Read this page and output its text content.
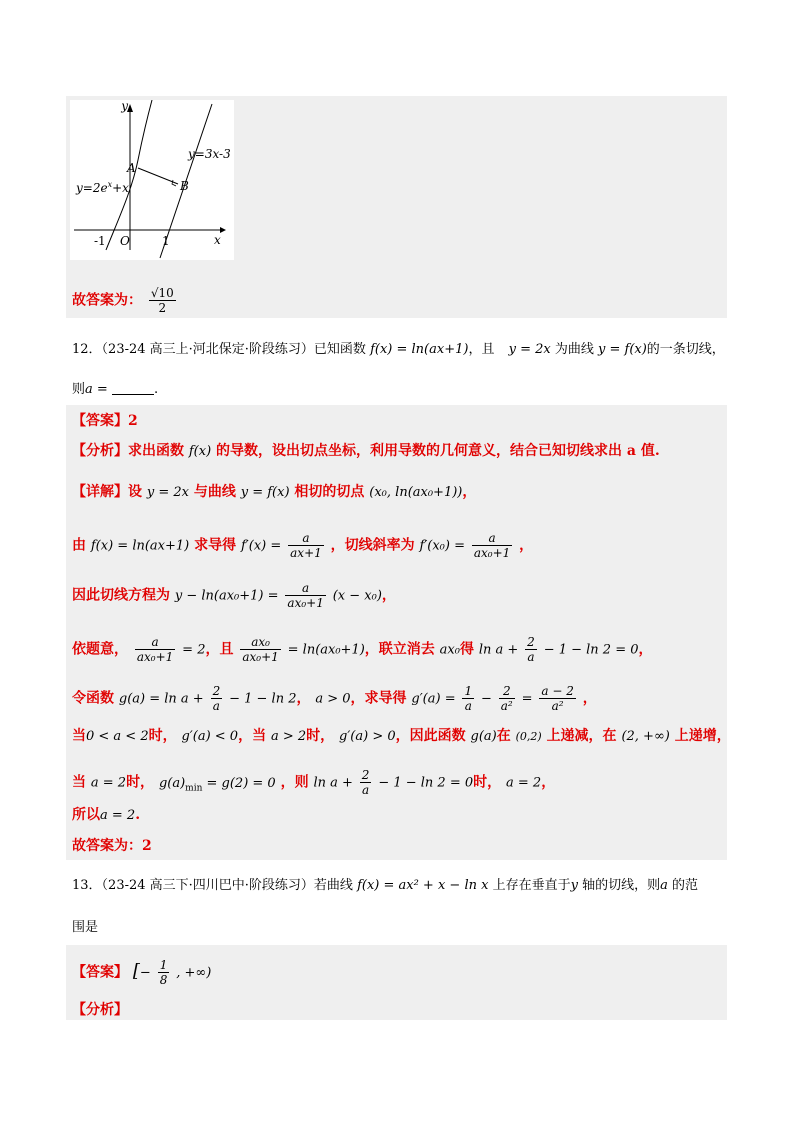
y
x
A
B
O
-1	1
$y=2e^x+x$
y=3x-3
故答案为： $\frac{√10}{2}$
12．（23-24 高三上·河北保定·阶段练习）已知函数 f(x) = ln(ax+1)，且 y = 2x 为曲线 y = f(x)的一条切线，
则a =	.
【答案】2
【分析】求出函数 f(x) 的导数，设出切点坐标，利用导数的几何意义，结合已知切线求出 a 值.
【详解】设 y = 2x 与曲线 y = f(x) 相切的切点 (x₀, ln(ax₀+1))，
由 f(x) = ln(ax+1) 求导得 $f'(x) = \frac{a}{ax+1}$ ，切线斜率为 $f'(x_0) = \frac{a}{\text{ax₀+1}}$ ，
因此切线方程为 $y - \ln(ax_0+1) = \frac{a}{\text{ax₀+1}} (x - x_0)$，
依题意， $\frac{a}{\text{ax₀+1}} = 2$，且 $\frac{\text{ax₀}}{\text{ax₀+1}} = \ln(ax_0+1)$，联立消去 ax₀得 $\ln a + \frac{2}{a} - 1 - \ln 2 = 0$，
令函数 $g(a) = \ln a + \frac{2}{a} - 1 - \ln 2$， a > 0，求导得 $g'(a) = \frac{1}{a} - \frac{2}{\text{a²}} = \frac{a - 2}{\text{a²}}$ ，
当0 < a < 2时， g′(a) < 0，当 a > 2时， g′(a) > 0，因此函数 g(a)在 (0,2) 上递减，在 (2, +∞) 上递增，
当 a = 2时， $g(a)_{min} = g(2) = 0$ ，则 $\ln a + \frac{2}{a} - 1 - \ln 2 = 0$时， a = 2，
所以a = 2.
故答案为：2
13．（23-24 高三下·四川巴中·阶段练习）若曲线 f(x) = ax² + x − ln x 上存在垂直于y 轴的切线，则a 的范
围是
【答案】 [− $\frac{1}{8}$ , +∞)
【分析】
